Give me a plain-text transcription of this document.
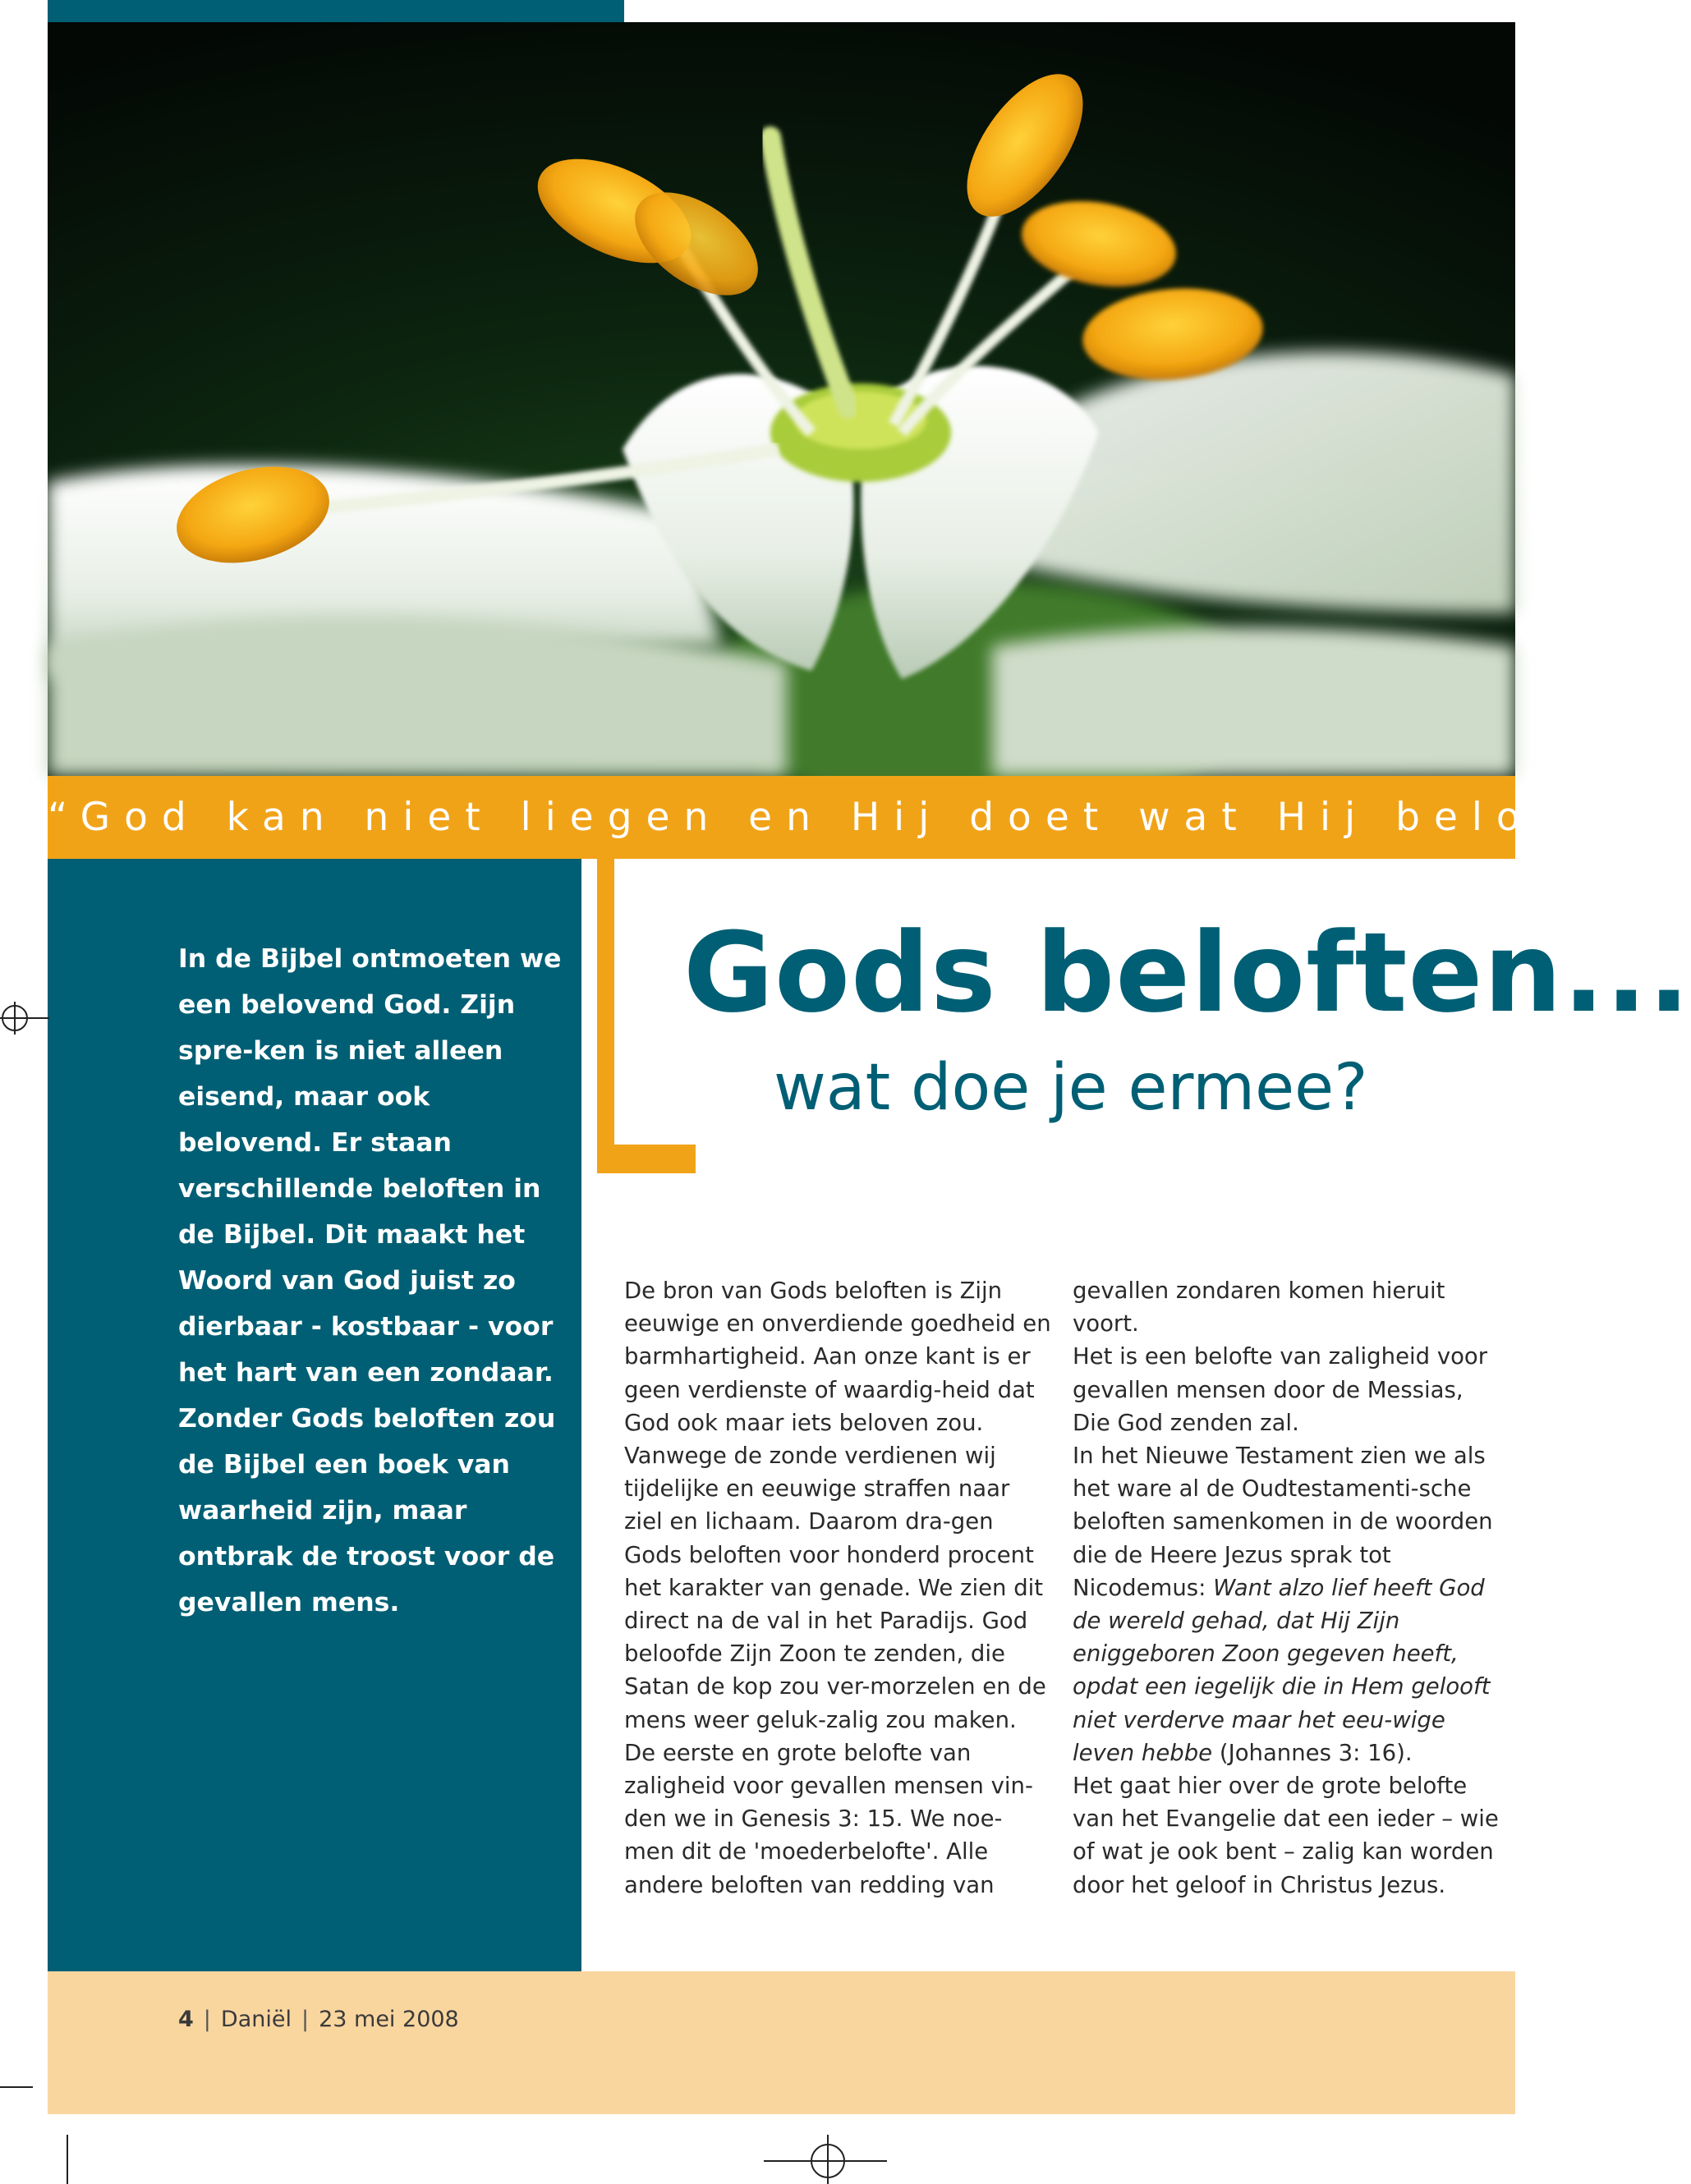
“God kan niet liegen en Hij doet wat Hij belooft”

In de Bijbel ontmoeten we een belovend God. Zijn spre-ken is niet alleen eisend, maar ook belovend. Er staan verschillende beloften in de Bijbel. Dit maakt het Woord van God juist zo dierbaar - kostbaar - voor het hart van een zondaar. Zonder Gods beloften zou de Bijbel een boek van waarheid zijn, maar ontbrak de troost voor de gevallen mens.

Gods beloften...
wat doe je ermee?

De bron van Gods beloften is Zijn eeuwige en onverdiende goedheid en barmhartigheid. Aan onze kant is er geen verdienste of waardig-heid dat God ook maar iets beloven zou. Vanwege de zonde verdienen wij tijdelijke en eeuwige straffen naar ziel en lichaam. Daarom dra-gen Gods beloften voor honderd procent het karakter van genade. We zien dit direct na de val in het Paradijs. God beloofde Zijn Zoon te zenden, die Satan de kop zou ver-morzelen en de mens weer geluk-zalig zou maken.

De eerste en grote belofte van zaligheid voor gevallen mensen vin-den we in Genesis 3: 15. We noe-men dit de 'moederbelofte'. Alle andere beloften van redding van

gevallen zondaren komen hieruit voort.

Het is een belofte van zaligheid voor gevallen mensen door de Messias, Die God zenden zal.

In het Nieuwe Testament zien we als het ware al de Oudtestamenti-sche beloften samenkomen in de woorden die de Heere Jezus sprak tot Nicodemus: Want alzo lief heeft God de wereld gehad, dat Hij Zijn eniggeboren Zoon gegeven heeft, opdat een iegelijk die in Hem gelooft niet verderve maar het eeu-wige leven hebbe (Johannes 3: 16).

Het gaat hier over de grote belofte van het Evangelie dat een ieder – wie of wat je ook bent – zalig kan worden door het geloof in Christus Jezus.

4 | Daniël | 23 mei 2008
